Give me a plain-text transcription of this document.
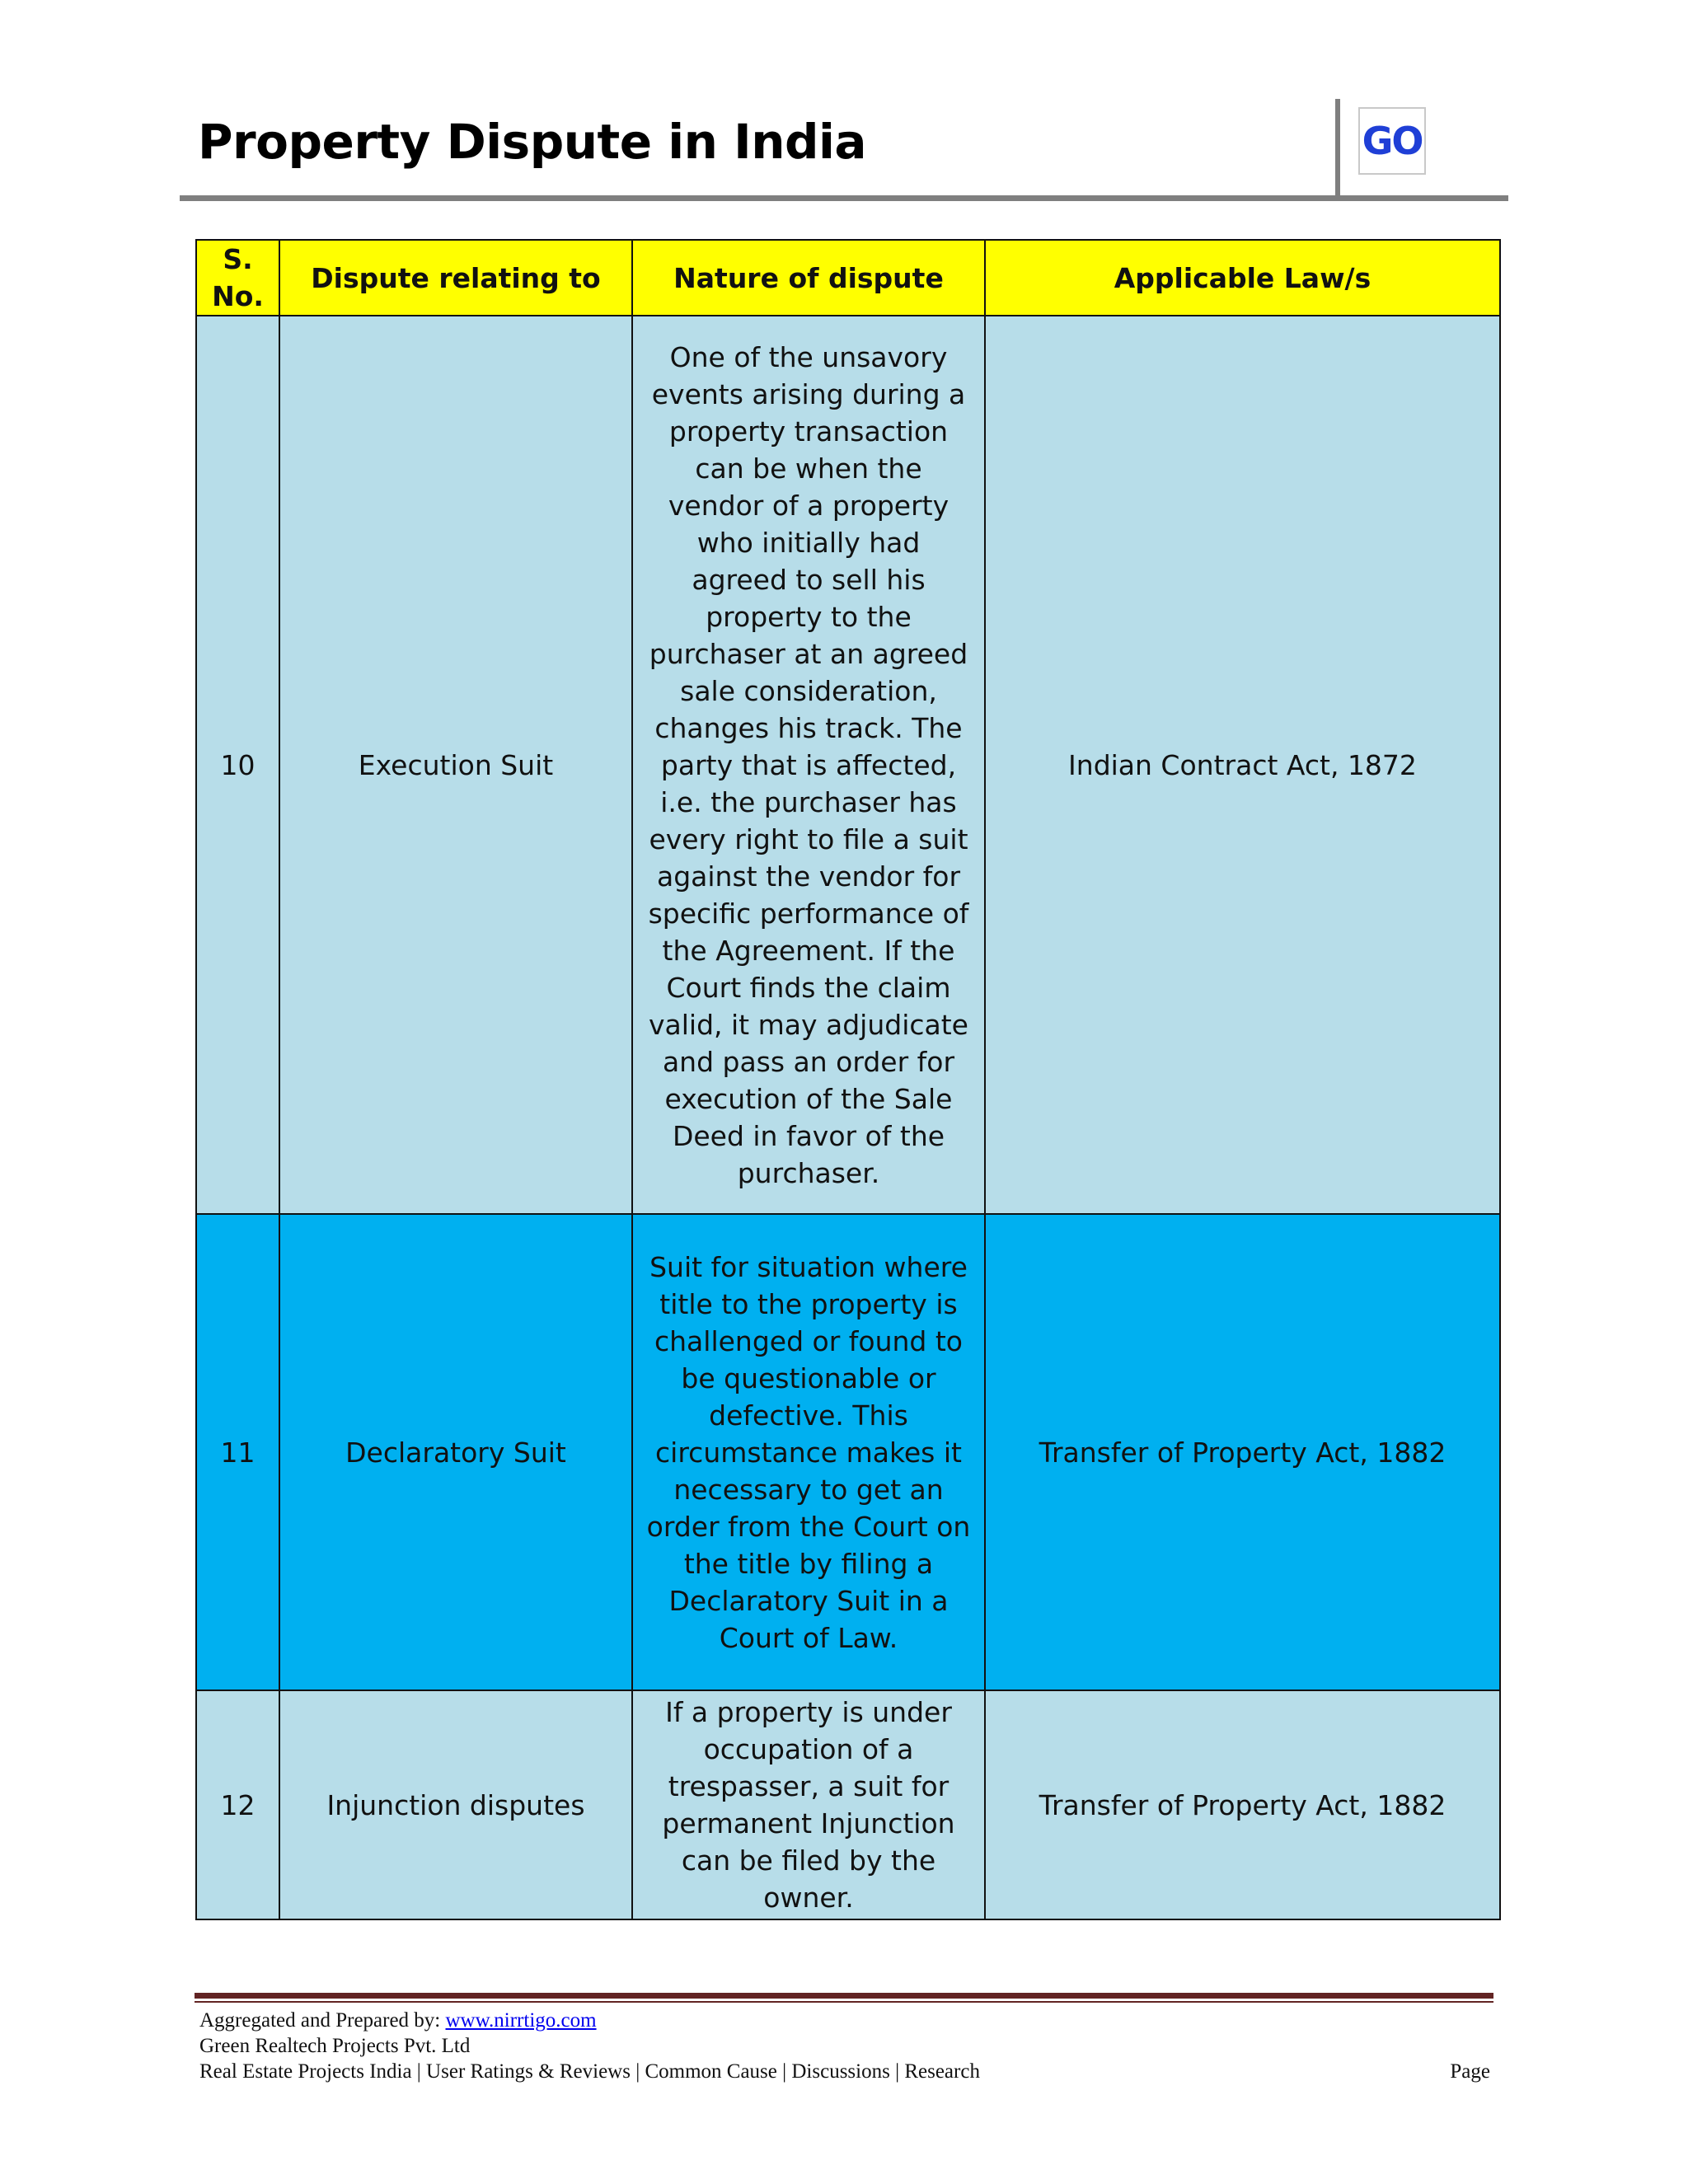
Property Dispute in India	GO
S. No.	Dispute relating to	Nature of dispute	Applicable Law/s
10	Execution Suit	One of the unsavory events arising during a property transaction can be when the vendor of a property who initially had agreed to sell his property to the purchaser at an agreed sale consideration, changes his track. The party that is affected, i.e. the purchaser has every right to file a suit against the vendor for specific performance of the Agreement. If the Court finds the claim valid, it may adjudicate and pass an order for execution of the Sale Deed in favor of the purchaser.	Indian Contract Act, 1872
11	Declaratory Suit	Suit for situation where title to the property is challenged or found to be questionable or defective. This circumstance makes it necessary to get an order from the Court on the title by filing a Declaratory Suit in a Court of Law.	Transfer of Property Act, 1882
12	Injunction disputes	If a property is under occupation of a trespasser, a suit for permanent Injunction can be filed by the owner.	Transfer of Property Act, 1882
Aggregated and Prepared by: www.nirrtigo.com
Green Realtech Projects Pvt. Ltd
Real Estate Projects India | User Ratings & Reviews | Common Cause | Discussions | Research	Page
